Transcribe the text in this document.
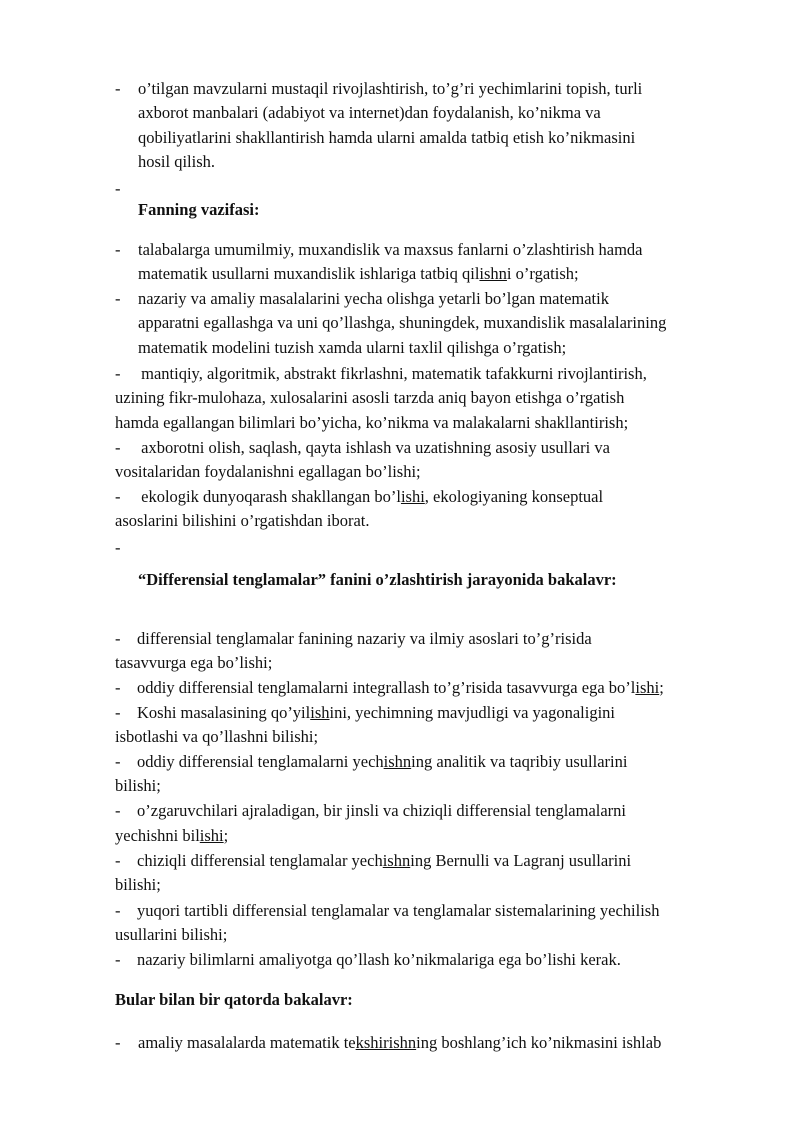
- o’tilgan mavzularni mustaqil rivojlashtirish, to’g’ri yechimlarini topish, turli
axborot manbalari (adabiyot va internet)dan foydalanish, ko’nikma va
qobiliyatlarini shakllantirish hamda ularni amalda tatbiq etish ko’nikmasini
hosil qilish.
-
Fanning vazifasi:
- talabalarga umumilmiy, muxandislik va maxsus fanlarni o’zlashtirish hamda
matematik usullarni muxandislik ishlariga tatbiq qilishni o’rgatish;
- nazariy va amaliy masalalarini yecha olishga yetarli bo’lgan matematik
apparatni egallashga va uni qo’llashga, shuningdek, muxandislik masalalarining
matematik modelini tuzish xamda ularni taxlil qilishga o’rgatish;
-     mantiqiy, algoritmik, abstrakt fikrlashni, matematik tafakkurni rivojlantirish,
uzining fikr-mulohaza, xulosalarini asosli tarzda aniq bayon etishga o’rgatish
hamda egallangan bilimlari bo’yicha, ko’nikma va malakalarni shakllantirish;
-     axborotni olish, saqlash, qayta ishlash va uzatishning asosiy usullari va
vositalaridan foydalanishni egallagan bo’lishi;
-     ekologik dunyoqarash shakllangan bo’lishi, ekologiyaning konseptual
asoslarini bilishini o’rgatishdan iborat.
-
“Differensial tenglamalar” fanini o’zlashtirish jarayonida bakalavr:
-    differensial tenglamalar fanining nazariy va ilmiy asoslari to’g’risida
tasavvurga ega bo’lishi;
-    oddiy differensial tenglamalarni integrallash to’g’risida tasavvurga ega bo’lishi;
-    Koshi masalasining qo’yilishini, yechimning mavjudligi va yagonaligini
isbotlashi va qo’llashni bilishi;
-    oddiy differensial tenglamalarni yechishning analitik va taqribiy usullarini
bilishi;
-    o’zgaruvchilari ajraladigan, bir jinsli va chiziqli differensial tenglamalarni
yechishni bilishi;
-    chiziqli differensial tenglamalar yechishning Bernulli va Lagranj usullarini
bilishi;
-    yuqori tartibli differensial tenglamalar va tenglamalar sistemalarining yechilish
usullarini bilishi;
-    nazariy bilimlarni amaliyotga qo’llash ko’nikmalariga ega bo’lishi kerak.
Bular bilan bir qatorda bakalavr:
- amaliy masalalarda matematik tekshirishning boshlang’ich ko’nikmasini ishlab
